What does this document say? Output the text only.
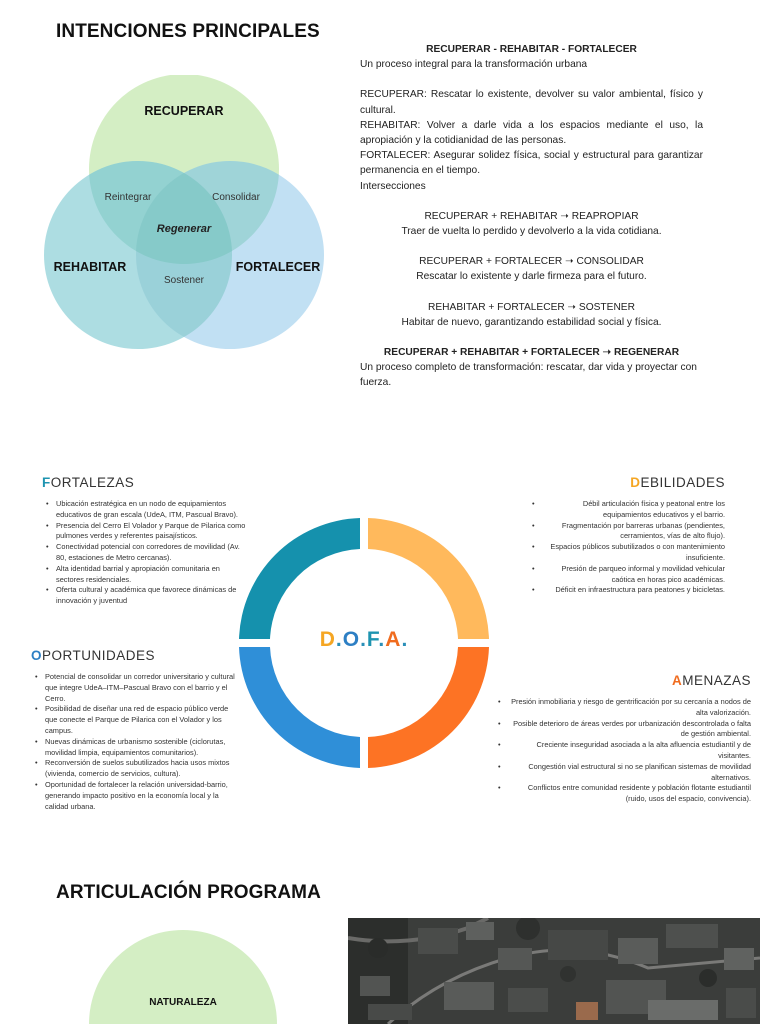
INTENCIONES PRINCIPALES
RECUPERAR
REHABITAR	FORTALECER
Reintegrar	Consolidar
Regenerar
Sostener
RECUPERAR - REHABITAR - FORTALECER
Un proceso integral para la transformación urbana
RECUPERAR: Rescatar lo existente, devolver su valor ambiental, físico y cultural.
REHABITAR: Volver a darle vida a los espacios mediante el uso, la apropiación y la cotidianidad de las personas.
FORTALECER: Asegurar solidez física, social y estructural para garantizar permanencia en el tiempo.
Intersecciones
RECUPERAR + REHABITAR ➝ REAPROPIAR
Traer de vuelta lo perdido y devolverlo a la vida cotidiana.
RECUPERAR + FORTALECER ➝ CONSOLIDAR
Rescatar lo existente y darle firmeza para el futuro.
REHABITAR + FORTALECER ➝ SOSTENER
Habitar de nuevo, garantizando estabilidad social y física.
RECUPERAR + REHABITAR + FORTALECER ➝ REGENERAR
Un proceso completo de transformación: rescatar, dar vida y proyectar con fuerza.
FORTALEZAS	DEBILIDADES
OPORTUNIDADES
AMENAZAS
• Ubicación estratégica en un nodo de equipamientos educativos de gran escala (UdeA, ITM, Pascual Bravo).
• Presencia del Cerro El Volador y Parque de Pilarica como pulmones verdes y referentes paisajísticos.
• Conectividad potencial con corredores de movilidad (Av. 80, estaciones de Metro cercanas).
• Alta identidad barrial y apropiación comunitaria en sectores residenciales.
• Oferta cultural y académica que favorece dinámicas de innovación y juventud
• Débil articulación física y peatonal entre los equipamientos educativos y el barrio.
• Fragmentación por barreras urbanas (pendientes, cerramientos, vías de alto flujo).
• Espacios públicos subutilizados o con mantenimiento insuficiente.
• Presión de parqueo informal y movilidad vehicular caótica en horas pico académicas.
• Déficit en infraestructura para peatones y bicicletas.
• Potencial de consolidar un corredor universitario y cultural que integre UdeA–ITM–Pascual Bravo con el barrio y el Cerro.
• Posibilidad de diseñar una red de espacio público verde que conecte el Parque de Pilarica con el Volador y los campus.
• Nuevas dinámicas de urbanismo sostenible (ciclorutas, movilidad limpia, equipamientos comunitarios).
• Reconversión de suelos subutilizados hacia usos mixtos (vivienda, comercio de servicios, cultura).
• Oportunidad de fortalecer la relación universidad-barrio, generando impacto positivo en la economía local y la calidad urbana.
• Presión inmobiliaria y riesgo de gentrificación por su cercanía a nodos de alta valorización.
• Posible deterioro de áreas verdes por urbanización descontrolada o falta de gestión ambiental.
• Creciente inseguridad asociada a la alta afluencia estudiantil y de visitantes.
• Congestión vial estructural si no se planifican sistemas de movilidad alternativos.
• Conflictos entre comunidad residente y población flotante estudiantil (ruido, usos del espacio, convivencia).
D.O.F.A.
ARTICULACIÓN PROGRAMA
NATURALEZA
